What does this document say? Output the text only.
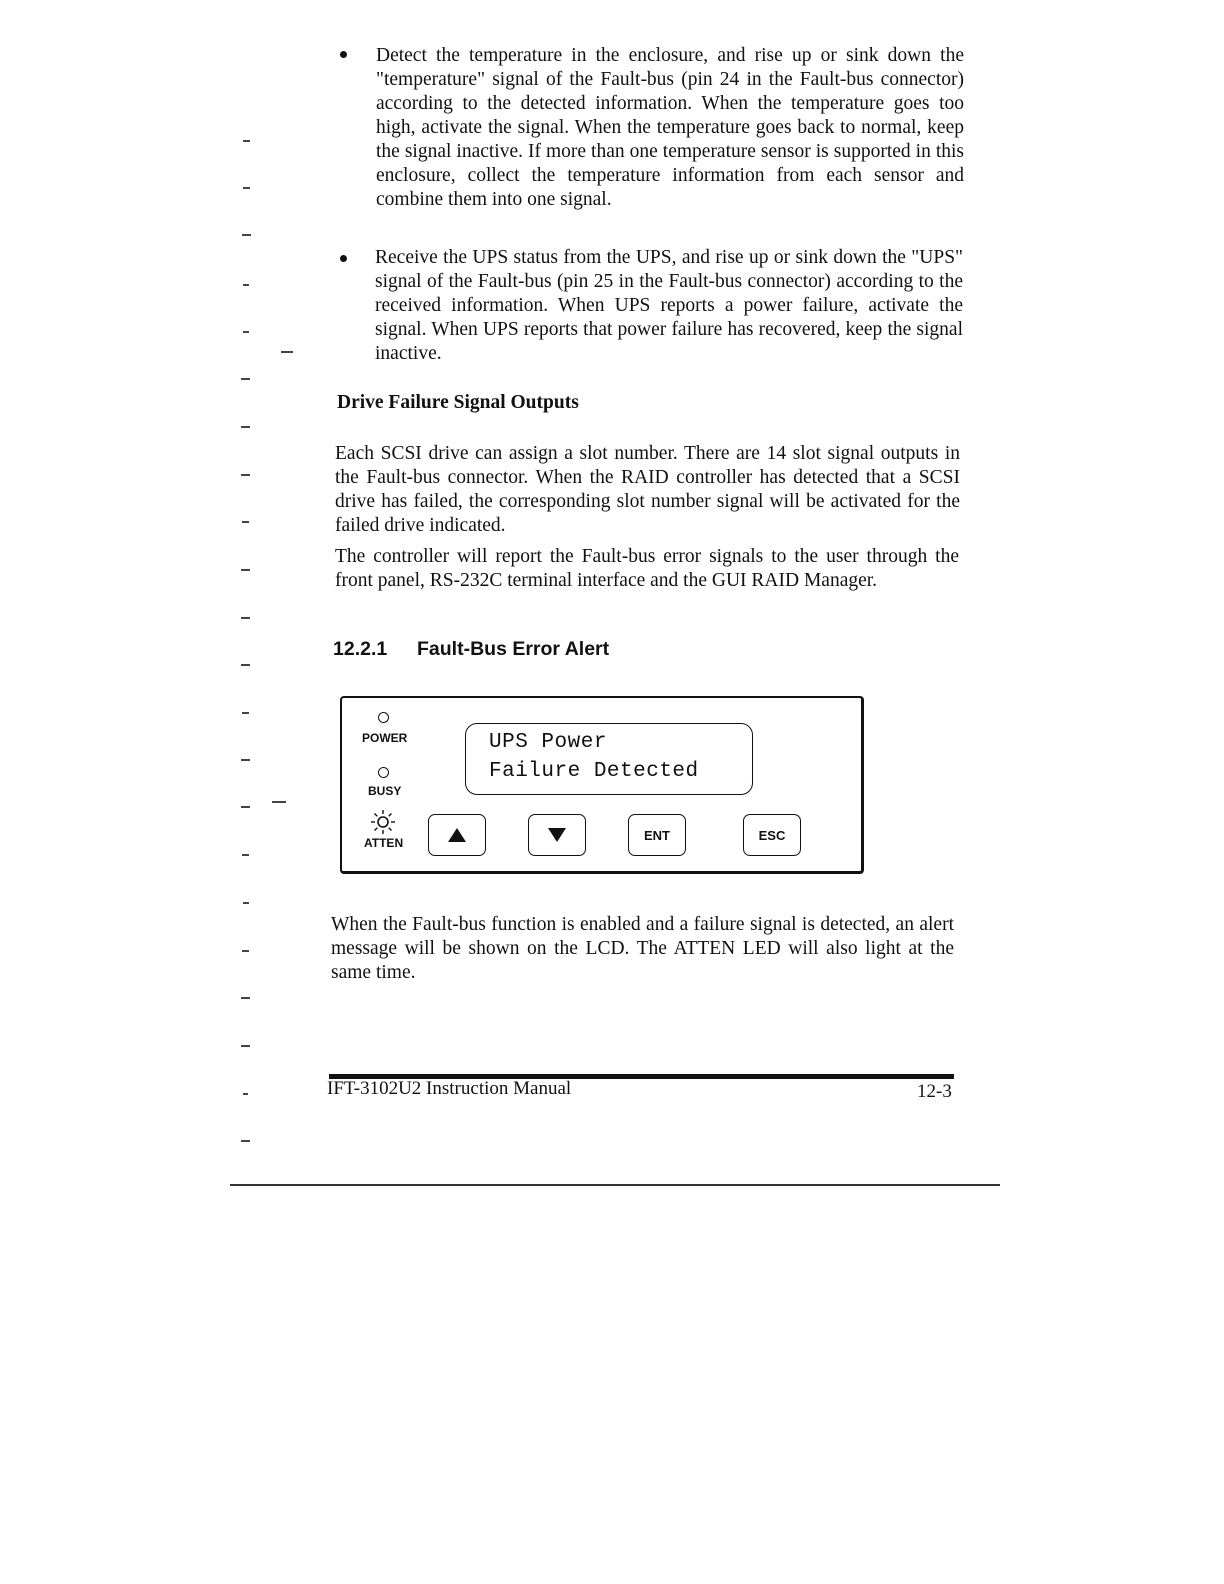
Detect the temperature in the enclosure, and rise up or sink down the "temperature" signal of the Fault-bus (pin 24 in the Fault-bus connector) according to the detected information. When the temperature goes too high, activate the signal. When the temperature goes back to normal, keep the signal inactive. If more than one temperature sensor is supported in this enclosure, collect the temperature information from each sensor and combine them into one signal.
Receive the UPS status from the UPS, and rise up or sink down the "UPS" signal of the Fault-bus (pin 25 in the Fault-bus connector) according to the received information. When UPS reports a power failure, activate the signal. When UPS reports that power failure has recovered, keep the signal inactive.
Drive Failure Signal Outputs
Each SCSI drive can assign a slot number. There are 14 slot signal outputs in the Fault-bus connector. When the RAID controller has detected that a SCSI drive has failed, the corresponding slot number signal will be activated for the failed drive indicated.
The controller will report the Fault-bus error signals to the user through the front panel, RS-232C terminal interface and the GUI RAID Manager.
12.2.1 Fault-Bus Error Alert
POWER
BUSY
ATTEN
UPS Power
Failure Detected
ENT	ESC
When the Fault-bus function is enabled and a failure signal is detected, an alert message will be shown on the LCD. The ATTEN LED will also light at the same time.
IFT-3102U2 Instruction Manual	12-3
